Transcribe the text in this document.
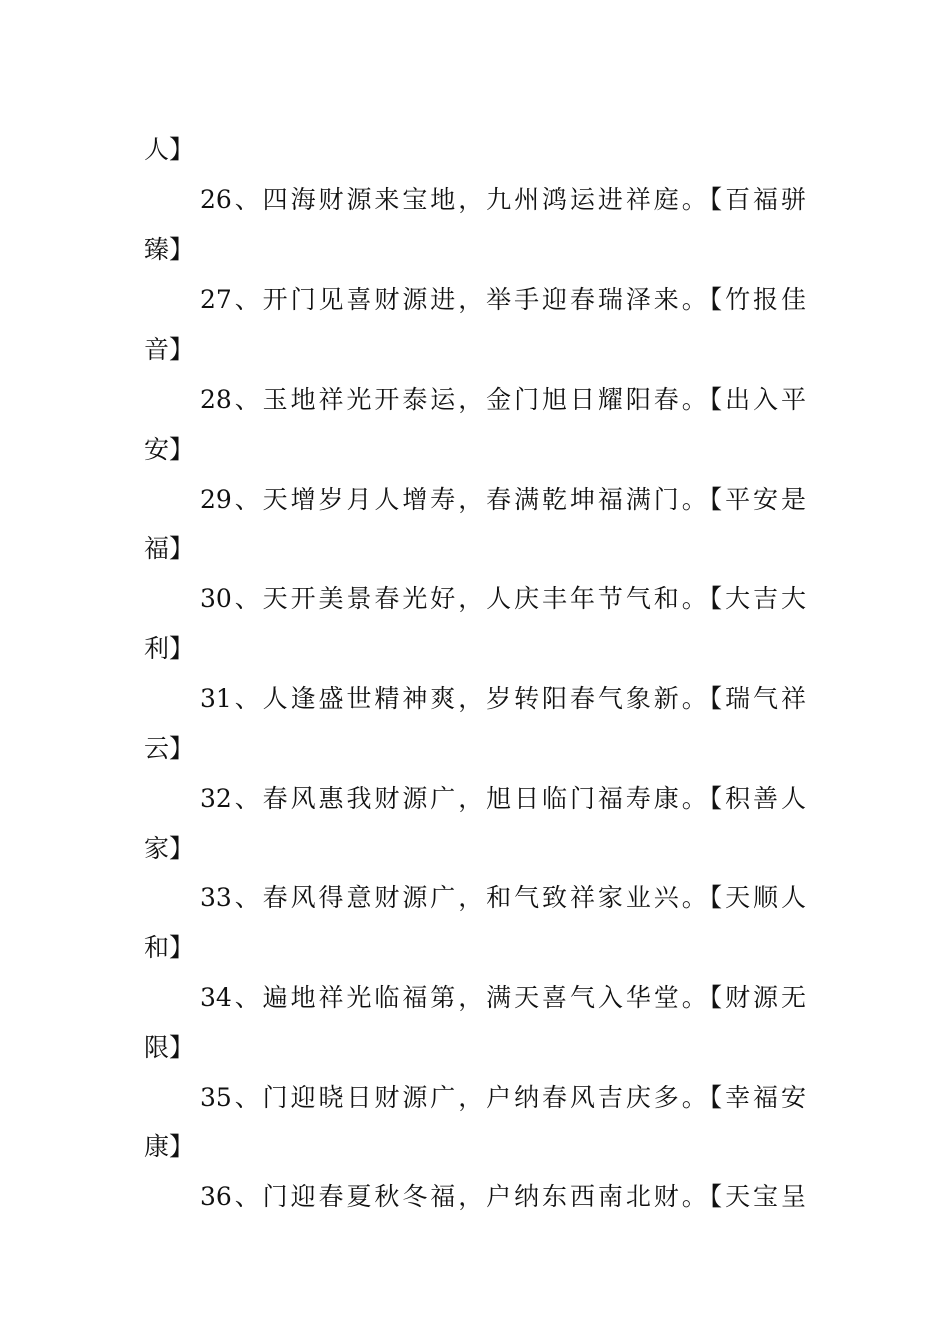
人】
26、四海财源来宝地，九州鸿运进祥庭。【百福骈
臻】
27、开门见喜财源进，举手迎春瑞泽来。【竹报佳
音】
28、玉地祥光开泰运，金门旭日耀阳春。【出入平
安】
29、天增岁月人增寿，春满乾坤福满门。【平安是
福】
30、天开美景春光好，人庆丰年节气和。【大吉大
利】
31、人逢盛世精神爽，岁转阳春气象新。【瑞气祥
云】
32、春风惠我财源广，旭日临门福寿康。【积善人
家】
33、春风得意财源广，和气致祥家业兴。【天顺人
和】
34、遍地祥光临福第，满天喜气入华堂。【财源无
限】
35、门迎晓日财源广，户纳春风吉庆多。【幸福安
康】
36、门迎春夏秋冬福，户纳东西南北财。【天宝呈
